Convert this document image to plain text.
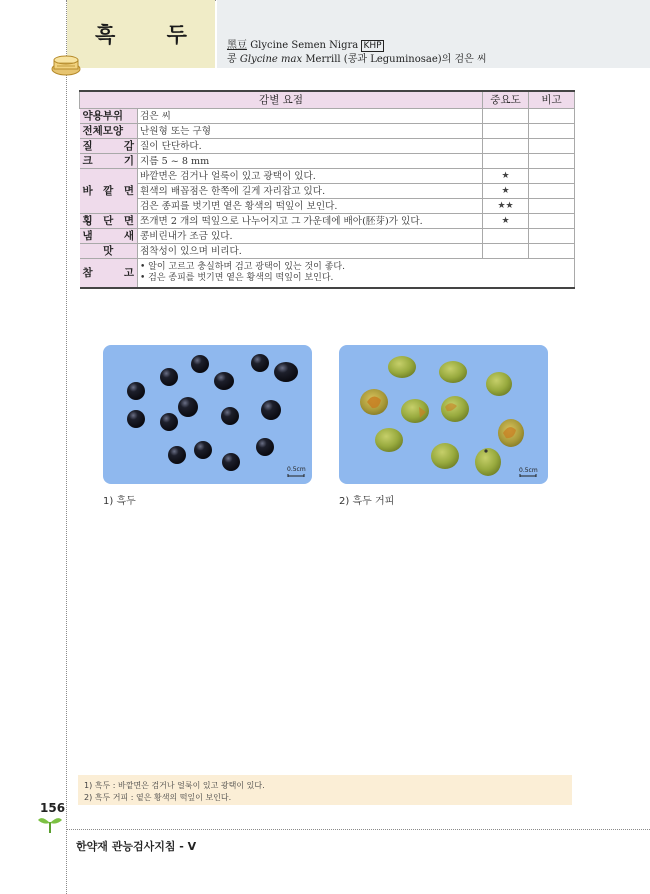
흑 두 黑豆 Glycine Semen Nigra KHP
콩 Glycine max Merrill (콩과 Leguminosae)의 검은 씨
감별 요점		중요도	비고
약용부위	검은 씨		
전체모양	난원형 또는 구형		
질 감	질이 단단하다.		
크 기	지름 5 ~ 8 mm		
바 깥 면	바깥면은 검거나 얼룩이 있고 광택이 있다.	★	
	흰색의 배꼽점은 한쪽에 길게 자리잡고 있다.	★	
	검은 종피를 벗기면 옅은 황색의 떡잎이 보인다.	★★	
횡 단 면	쪼개면 2 개의 떡잎으로 나누어지고 그 가운데에 배아(胚芽)가 있다.	★	
냄 새	콩비린내가 조금 있다.		
맛	점착성이 있으며 비리다.		
참 고	• 알이 고르고 충실하며 검고 광택이 있는 것이 좋다.
• 검은 종피를 벗기면 옅은 황색의 떡잎이 보인다.		
0.5cm	0.5cm
1) 흑두	2) 흑두 거피
1) 흑두 : 바깥면은 검거나 얼룩이 있고 광택이 있다.
2) 흑두 거피 : 옅은 황색의 떡잎이 보인다.
156
한약재 관능검사지침 - V
